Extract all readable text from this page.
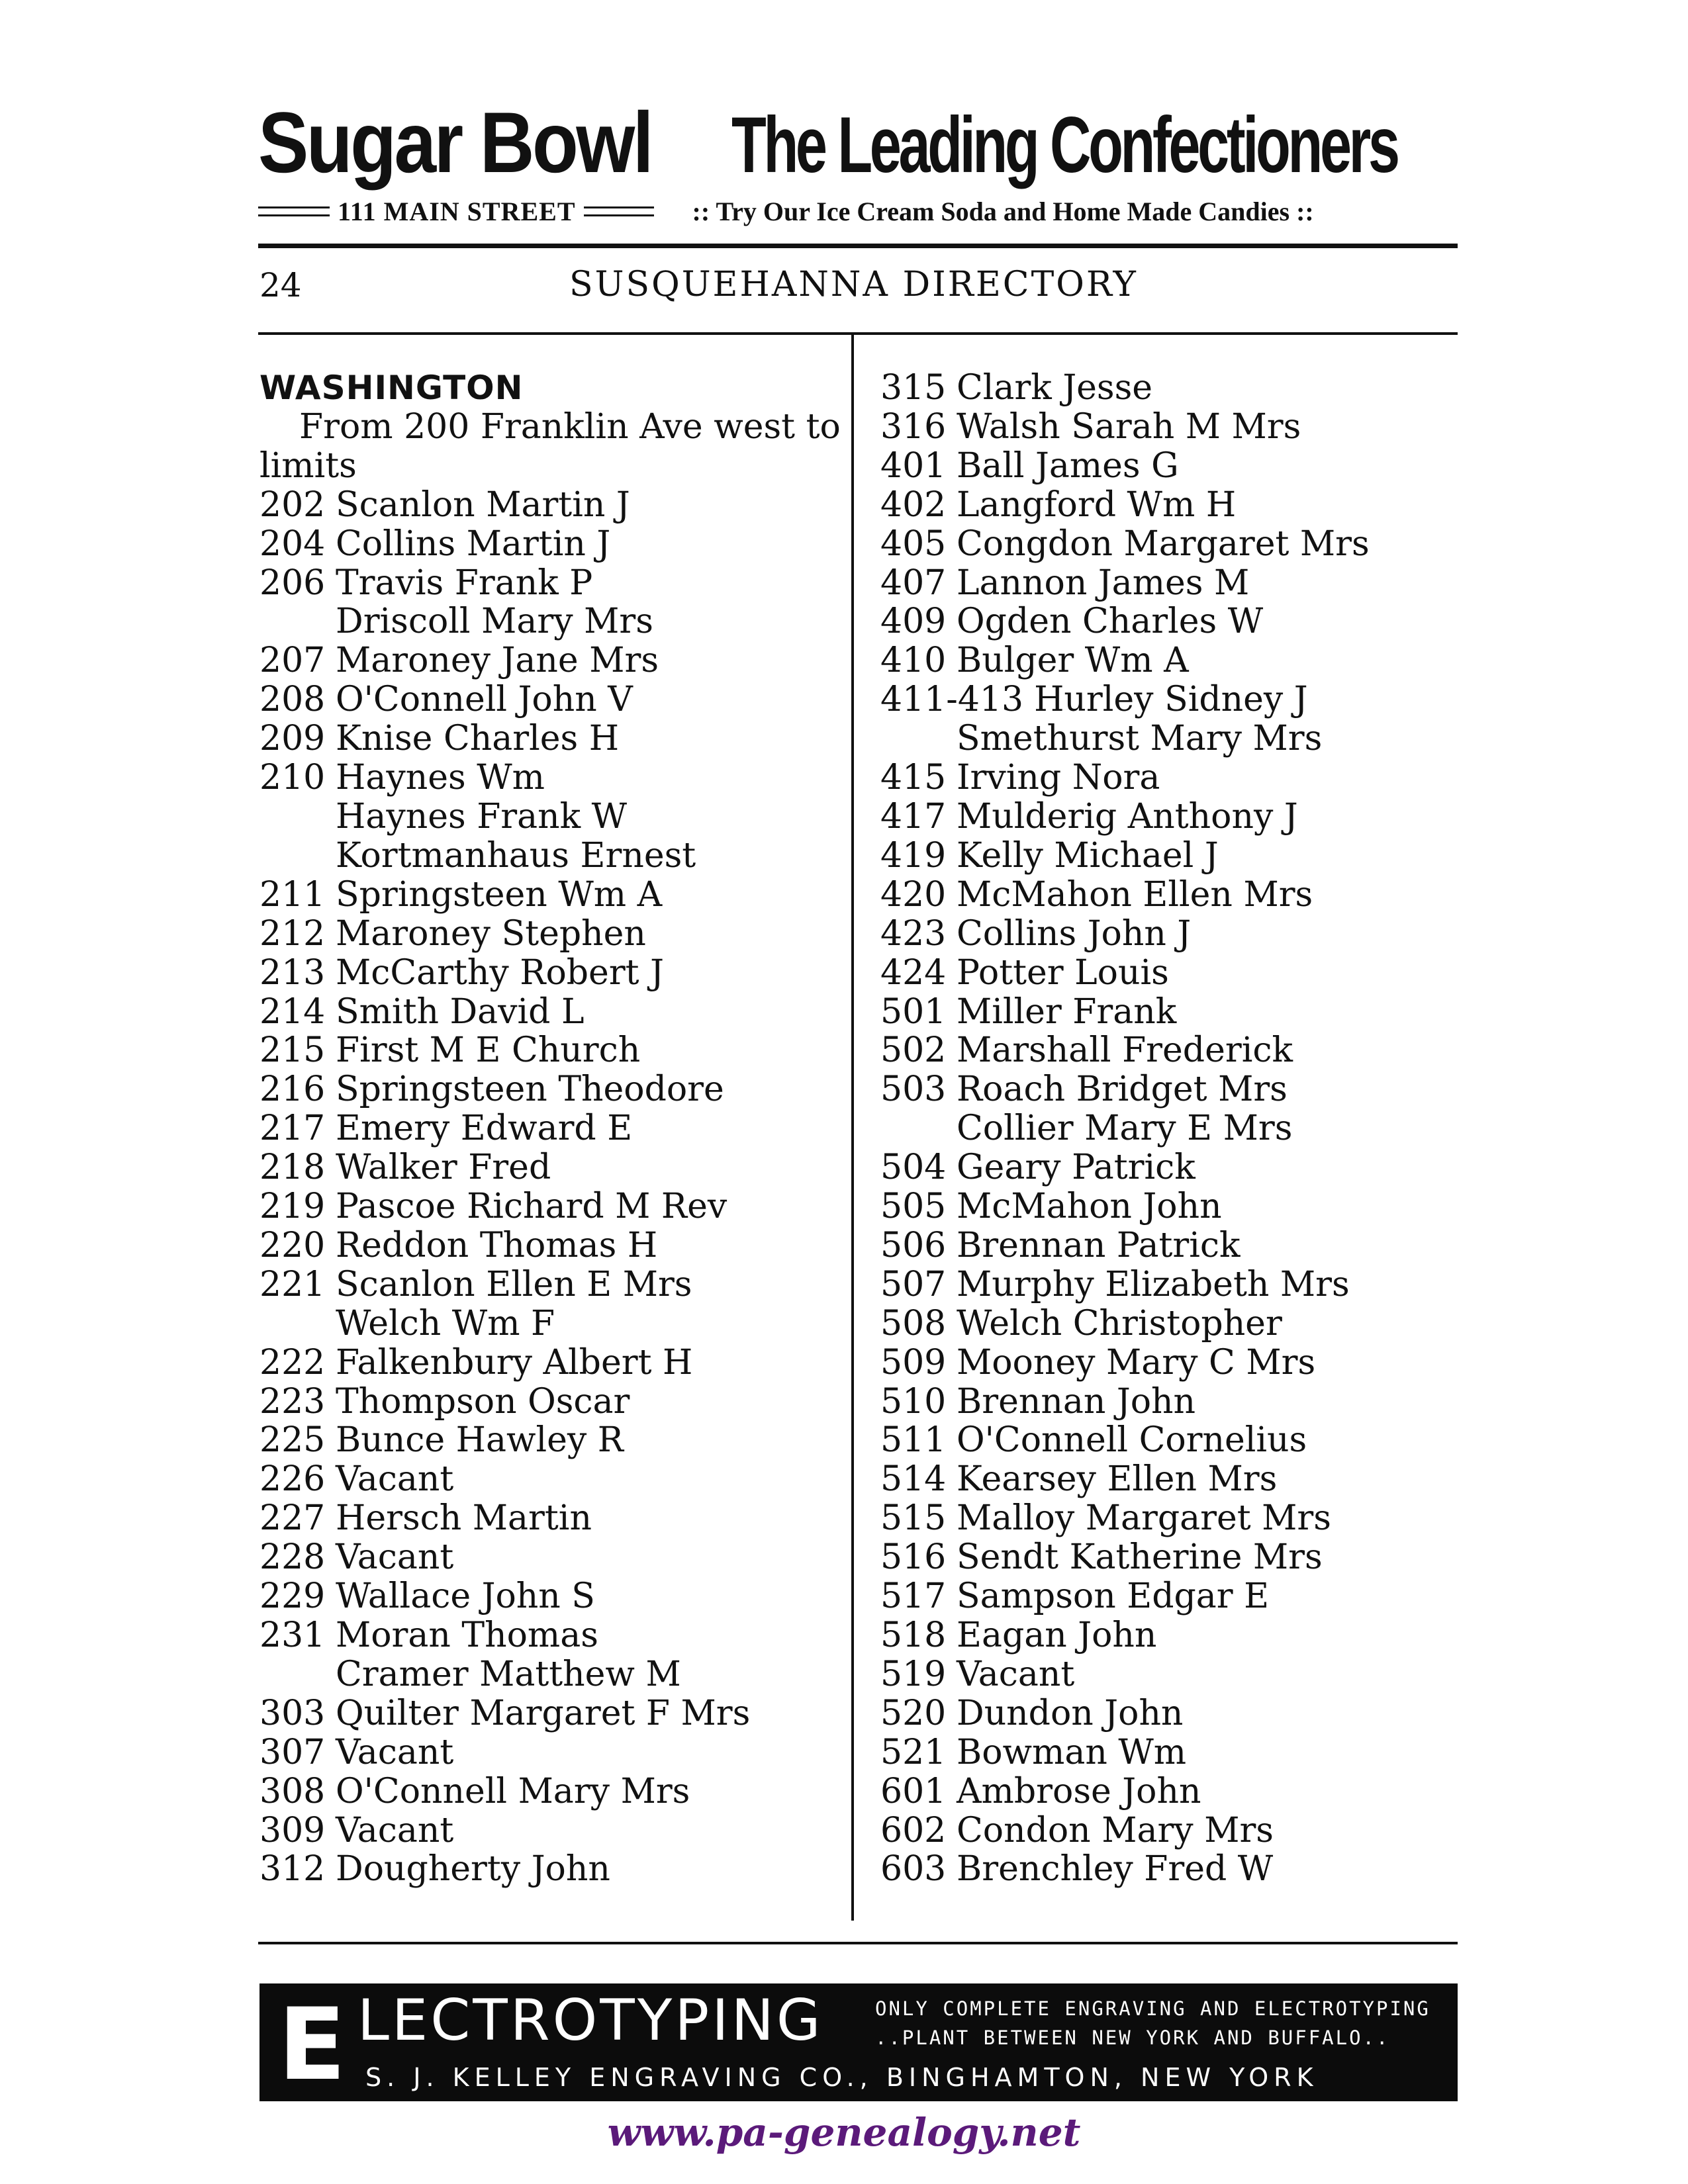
Sugar Bowl The Leading Confectioners
111 MAIN STREET	:: Try Our Ice Cream Soda and Home Made Candies ::
24	SUSQUEHANNA DIRECTORY
WASHINGTON
From 200 Franklin Ave west to limits
202 Scanlon Martin J
204 Collins Martin J
206 Travis Frank P
Driscoll Mary Mrs
207 Maroney Jane Mrs
208 O'Connell John V
209 Knise Charles H
210 Haynes Wm
Haynes Frank W
Kortmanhaus Ernest
211 Springsteen Wm A
212 Maroney Stephen
213 McCarthy Robert J
214 Smith David L
215 First M E Church
216 Springsteen Theodore
217 Emery Edward E
218 Walker Fred
219 Pascoe Richard M Rev
220 Reddon Thomas H
221 Scanlon Ellen E Mrs
Welch Wm F
222 Falkenbury Albert H
223 Thompson Oscar
225 Bunce Hawley R
226 Vacant
227 Hersch Martin
228 Vacant
229 Wallace John S
231 Moran Thomas
Cramer Matthew M
303 Quilter Margaret F Mrs
307 Vacant
308 O'Connell Mary Mrs
309 Vacant
312 Dougherty John
315 Clark Jesse
316 Walsh Sarah M Mrs
401 Ball James G
402 Langford Wm H
405 Congdon Margaret Mrs
407 Lannon James M
409 Ogden Charles W
410 Bulger Wm A
411-413 Hurley Sidney J
Smethurst Mary Mrs
415 Irving Nora
417 Mulderig Anthony J
419 Kelly Michael J
420 McMahon Ellen Mrs
423 Collins John J
424 Potter Louis
501 Miller Frank
502 Marshall Frederick
503 Roach Bridget Mrs
Collier Mary E Mrs
504 Geary Patrick
505 McMahon John
506 Brennan Patrick
507 Murphy Elizabeth Mrs
508 Welch Christopher
509 Mooney Mary C Mrs
510 Brennan John
511 O'Connell Cornelius
514 Kearsey Ellen Mrs
515 Malloy Margaret Mrs
516 Sendt Katherine Mrs
517 Sampson Edgar E
518 Eagan John
519 Vacant
520 Dundon John
521 Bowman Wm
601 Ambrose John
602 Condon Mary Mrs
603 Brenchley Fred W
E LECTROTYPING	ONLY COMPLETE ENGRAVING AND ELECTROTYPING
..PLANT BETWEEN NEW YORK AND BUFFALO..
S. J. KELLEY ENGRAVING CO., BINGHAMTON, NEW YORK
www.pa-genealogy.net
